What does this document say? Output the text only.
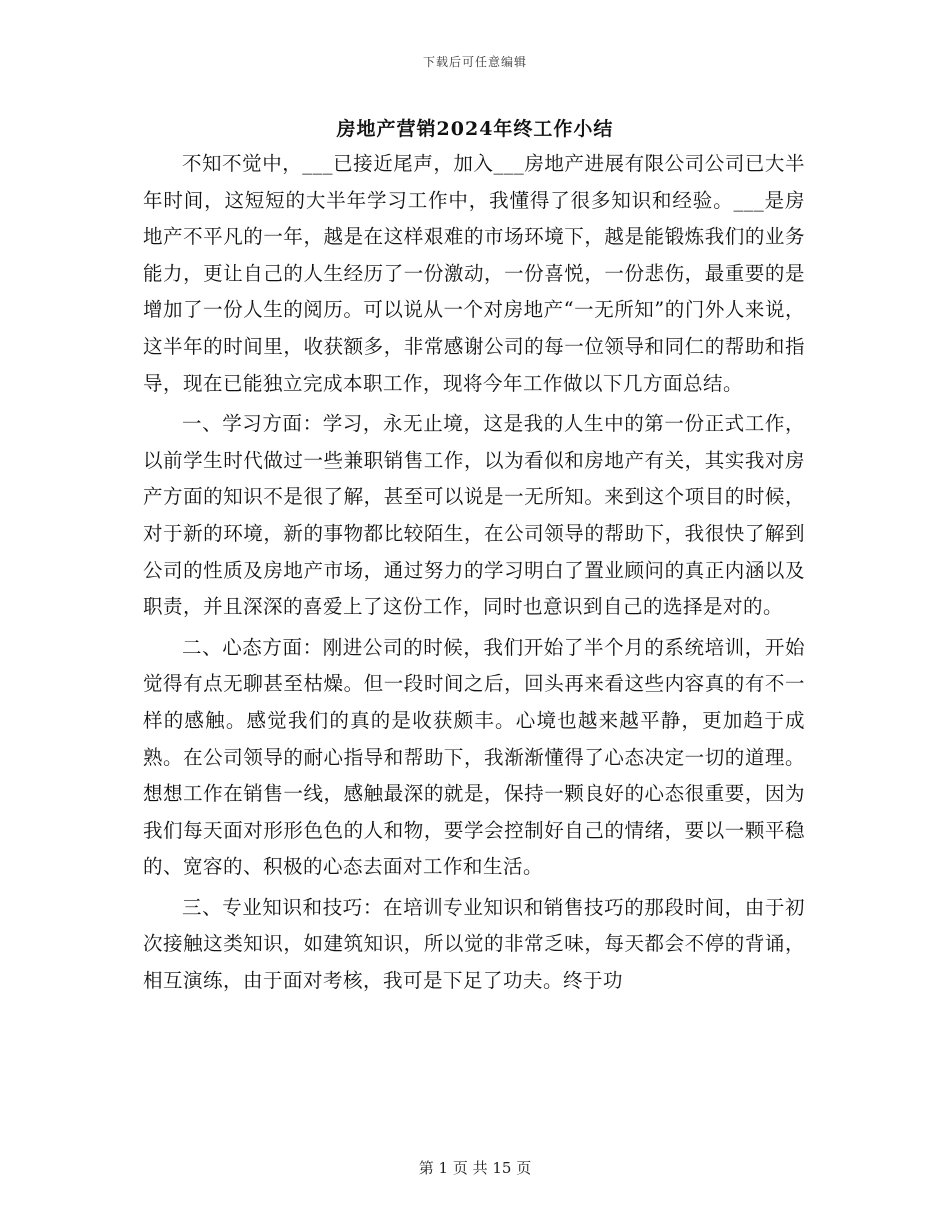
下载后可任意编辑
房地产营销2024年终工作小结

不知不觉中，___已接近尾声，加入___房地产进展有限公司公司已大半年时间，这短短的大半年学习工作中，我懂得了很多知识和经验。___是房地产不平凡的一年，越是在这样艰难的市场环境下，越是能锻炼我们的业务能力，更让自己的人生经历了一份激动，一份喜悦，一份悲伤，最重要的是增加了一份人生的阅历。可以说从一个对房地产“一无所知”的门外人来说，这半年的时间里，收获额多，非常感谢公司的每一位领导和同仁的帮助和指导，现在已能独立完成本职工作，现将今年工作做以下几方面总结。

一、学习方面：学习，永无止境，这是我的人生中的第一份正式工作，以前学生时代做过一些兼职销售工作，以为看似和房地产有关，其实我对房产方面的知识不是很了解，甚至可以说是一无所知。来到这个项目的时候，对于新的环境，新的事物都比较陌生，在公司领导的帮助下，我很快了解到公司的性质及房地产市场，通过努力的学习明白了置业顾问的真正内涵以及职责，并且深深的喜爱上了这份工作，同时也意识到自己的选择是对的。

二、心态方面：刚进公司的时候，我们开始了半个月的系统培训，开始觉得有点无聊甚至枯燥。但一段时间之后，回头再来看这些内容真的有不一样的感触。感觉我们的真的是收获颇丰。心境也越来越平静，更加趋于成熟。在公司领导的耐心指导和帮助下，我渐渐懂得了心态决定一切的道理。想想工作在销售一线，感触最深的就是，保持一颗良好的心态很重要，因为我们每天面对形形色色的人和物，要学会控制好自己的情绪，要以一颗平稳的、宽容的、积极的心态去面对工作和生活。

三、专业知识和技巧：在培训专业知识和销售技巧的那段时间，由于初次接触这类知识，如建筑知识，所以觉的非常乏味，每天都会不停的背诵，相互演练，由于面对考核，我可是下足了功夫。终于功

第 1 页 共 15 页
